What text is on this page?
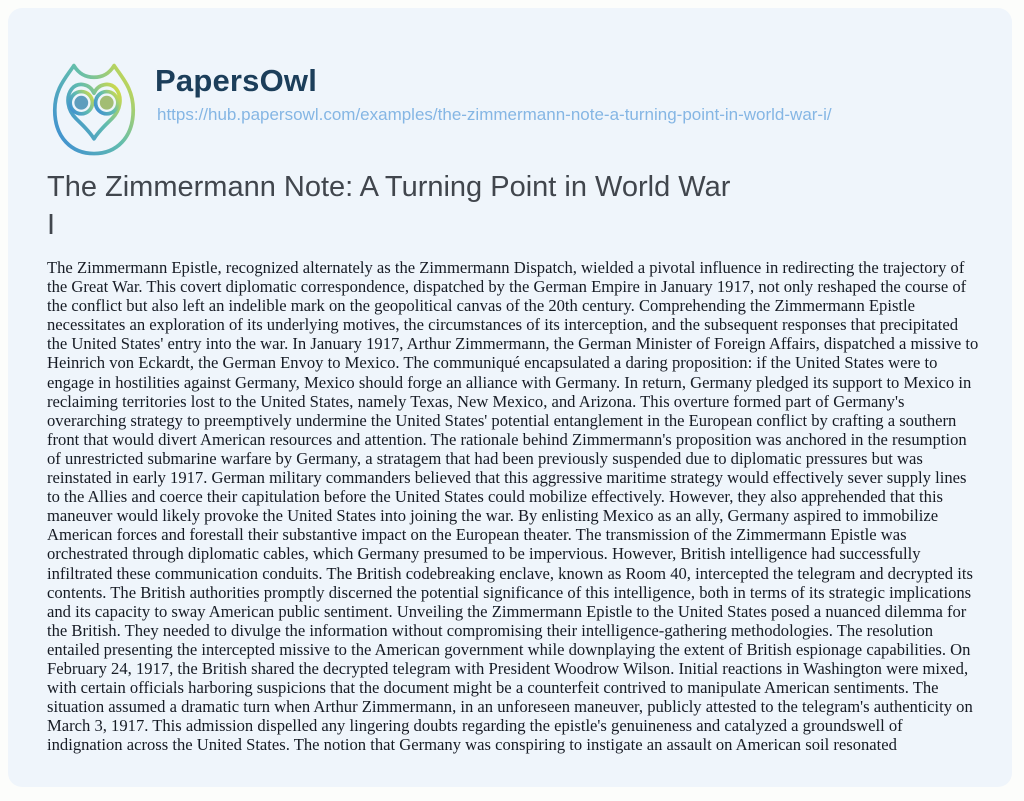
PapersOwl
https://hub.papersowl.com/examples/the-zimmermann-note-a-turning-point-in-world-war-i/
The Zimmermann Note: A Turning Point in World War I

The Zimmermann Epistle, recognized alternately as the Zimmermann Dispatch, wielded a pivotal influence in redirecting the trajectory of the Great War. This covert diplomatic correspondence, dispatched by the German Empire in January 1917, not only reshaped the course of the conflict but also left an indelible mark on the geopolitical canvas of the 20th century. Comprehending the Zimmermann Epistle necessitates an exploration of its underlying motives, the circumstances of its interception, and the subsequent responses that precipitated the United States' entry into the war. In January 1917, Arthur Zimmermann, the German Minister of Foreign Affairs, dispatched a missive to Heinrich von Eckardt, the German Envoy to Mexico. The communiqué encapsulated a daring proposition: if the United States were to engage in hostilities against Germany, Mexico should forge an alliance with Germany. In return, Germany pledged its support to Mexico in reclaiming territories lost to the United States, namely Texas, New Mexico, and Arizona. This overture formed part of Germany's overarching strategy to preemptively undermine the United States' potential entanglement in the European conflict by crafting a southern front that would divert American resources and attention. The rationale behind Zimmermann's proposition was anchored in the resumption of unrestricted submarine warfare by Germany, a stratagem that had been previously suspended due to diplomatic pressures but was reinstated in early 1917. German military commanders believed that this aggressive maritime strategy would effectively sever supply lines to the Allies and coerce their capitulation before the United States could mobilize effectively. However, they also apprehended that this maneuver would likely provoke the United States into joining the war. By enlisting Mexico as an ally, Germany aspired to immobilize American forces and forestall their substantive impact on the European theater. The transmission of the Zimmermann Epistle was orchestrated through diplomatic cables, which Germany presumed to be impervious. However, British intelligence had successfully infiltrated these communication conduits. The British codebreaking enclave, known as Room 40, intercepted the telegram and decrypted its contents. The British authorities promptly discerned the potential significance of this intelligence, both in terms of its strategic implications and its capacity to sway American public sentiment. Unveiling the Zimmermann Epistle to the United States posed a nuanced dilemma for the British. They needed to divulge the information without compromising their intelligence-gathering methodologies. The resolution entailed presenting the intercepted missive to the American government while downplaying the extent of British espionage capabilities. On February 24, 1917, the British shared the decrypted telegram with President Woodrow Wilson. Initial reactions in Washington were mixed, with certain officials harboring suspicions that the document might be a counterfeit contrived to manipulate American sentiments. The situation assumed a dramatic turn when Arthur Zimmermann, in an unforeseen maneuver, publicly attested to the telegram's authenticity on March 3, 1917. This admission dispelled any lingering doubts regarding the epistle's genuineness and catalyzed a groundswell of indignation across the United States. The notion that Germany was conspiring to instigate an assault on American soil resonated
